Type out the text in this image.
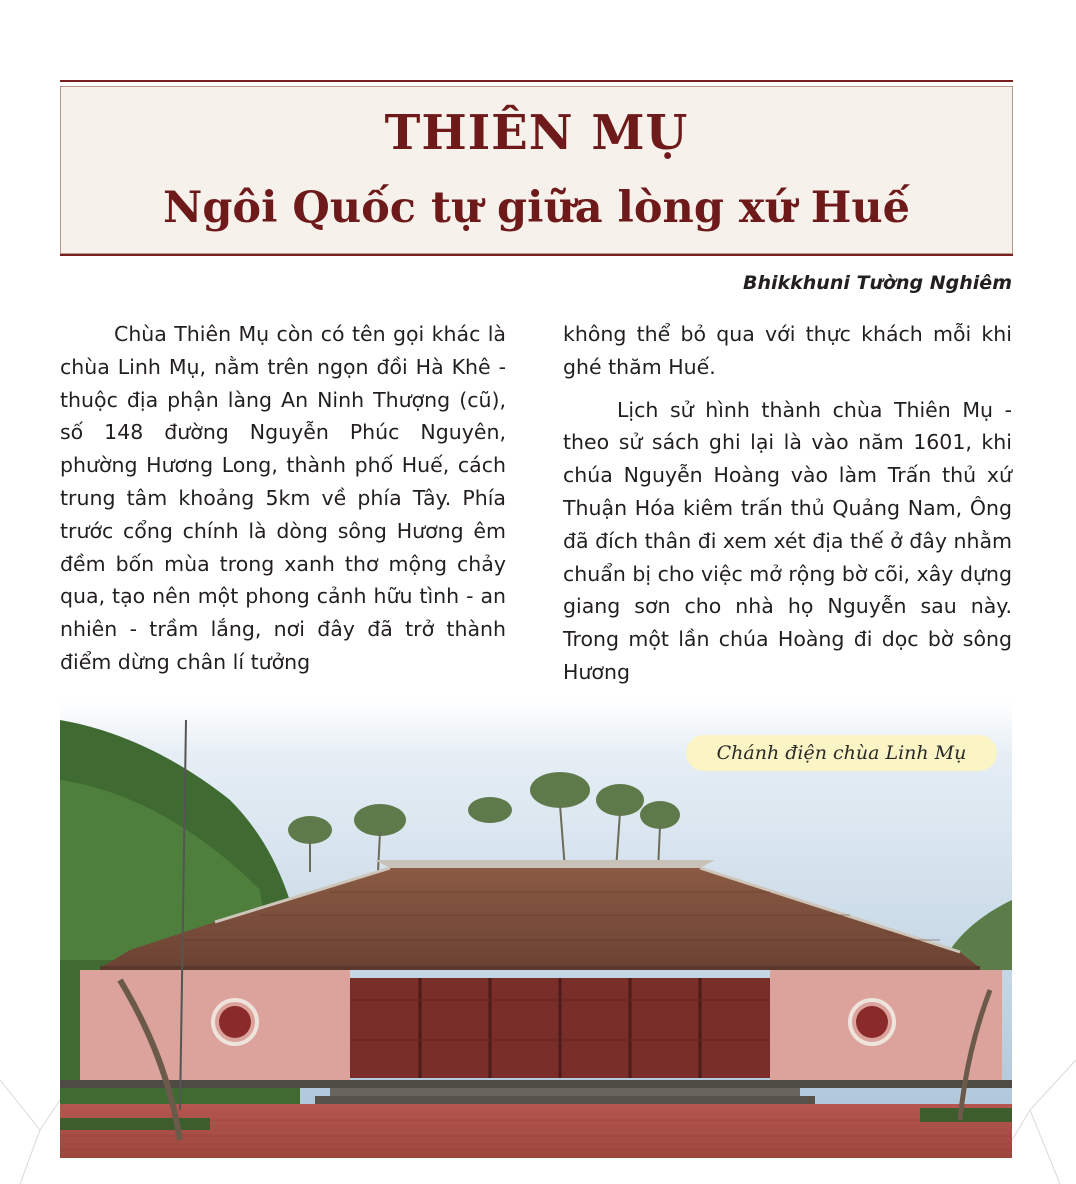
THIÊN MỤ
Ngôi Quốc tự giữa lòng xứ Huế
Bhikkhuni Tường Nghiêm

Chùa Thiên Mụ còn có tên gọi khác là chùa Linh Mụ, nằm trên ngọn đồi Hà Khê - thuộc địa phận làng An Ninh Thượng (cũ), số 148 đường Nguyễn Phúc Nguyên, phường Hương Long, thành phố Huế, cách trung tâm khoảng 5km về phía Tây. Phía trước cổng chính là dòng sông Hương êm đềm bốn mùa trong xanh thơ mộng chảy qua, tạo nên một phong cảnh hữu tình - an nhiên - trầm lắng, nơi đây đã trở thành điểm dừng chân lí tưởng

không thể bỏ qua với thực khách mỗi khi ghé thăm Huế.

Lịch sử hình thành chùa Thiên Mụ - theo sử sách ghi lại là vào năm 1601, khi chúa Nguyễn Hoàng vào làm Trấn thủ xứ Thuận Hóa kiêm trấn thủ Quảng Nam, Ông đã đích thân đi xem xét địa thế ở đây nhằm chuẩn bị cho việc mở rộng bờ cõi, xây dựng giang sơn cho nhà họ Nguyễn sau này. Trong một lần chúa Hoàng đi dọc bờ sông Hương

Chánh điện chùa Linh Mụ
